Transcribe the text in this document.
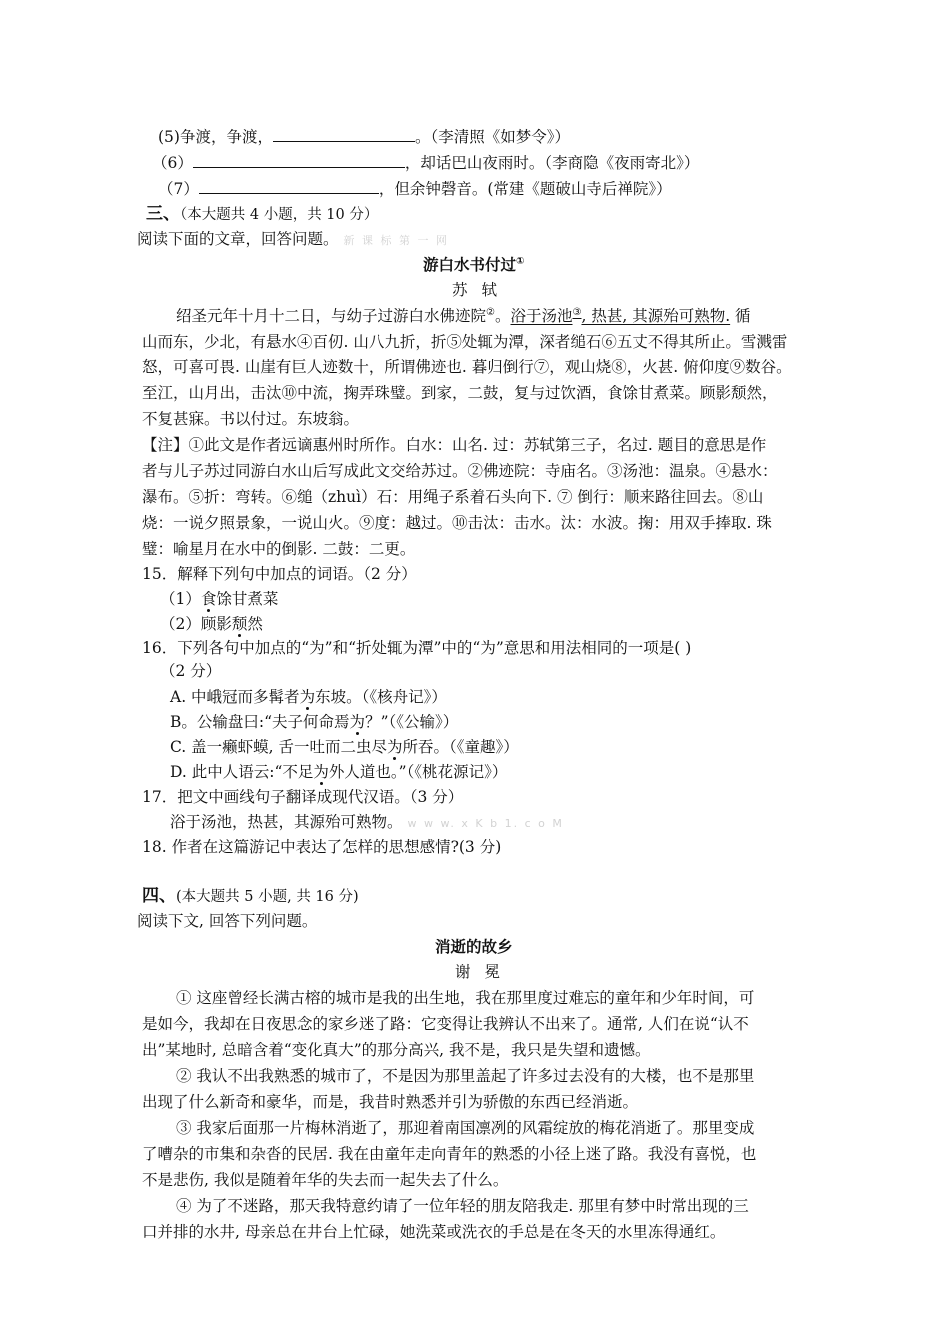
(5)争渡，争渡，	。（李清照《如梦令》）
（6）	，却话巴山夜雨时。（李商隐《夜雨寄北》）
（7）	，但余钟磬音。(常建《题破山寺后禅院》）
三、（本大题共 4 小题，共 10 分）
阅读下面的文章，回答问题。 新 课 标 第 一 网
游白水书付过①
苏轼
绍圣元年十月十二日，与幼子过游白水佛迹院②。浴于汤池③, 热甚, 其源殆可熟物. 循
山而东，少北，有悬水④百仞. 山八九折，折⑤处辄为潭，深者缒石⑥五丈不得其所止。雪溅雷
怒，可喜可畏. 山崖有巨人迹数十，所谓佛迹也. 暮归倒行⑦，观山烧⑧，火甚. 俯仰度⑨数谷。
至江，山月出，击汰⑩中流，掬弄珠璧。到家，二鼓，复与过饮酒，食馀甘煮菜。顾影颓然，
不复甚寐。书以付过。东坡翁。
【注】①此文是作者远谪惠州时所作。白水：山名. 过：苏轼第三子，名过. 题目的意思是作
者与儿子苏过同游白水山后写成此文交给苏过。②佛迹院：寺庙名。③汤池：温泉。④悬水：
瀑布。⑤折：弯转。⑥缒（zhuì）石：用绳子系着石头向下. ⑦ 倒行：顺来路往回去。⑧山
烧：一说夕照景象，一说山火。⑨度：越过。⑩击汰：击水。汰：水波。掬：用双手捧取. 珠
璧：喻星月在水中的倒影. 二鼓：二更。
15．解释下列句中加点的词语。（2 分）
（1）食馀甘煮菜
（2）顾影颓然
16．下列各句中加点的“为”和“折处辄为潭”中的“为”意思和用法相同的一项是( )
（2 分）
A. 中峨冠而多髯者为东坡。（《核舟记》）
B。公输盘曰:“夫子何命焉为？”（《公输》）
C. 盖一癞虾蟆, 舌一吐而二虫尽为所吞。（《童趣》）
D. 此中人语云:“不足为外人道也。”（《桃花源记》）
17．把文中画线句子翻译成现代汉语。（3 分）
浴于汤池，热甚，其源殆可熟物。 w w w. x K b 1. c o M
18. 作者在这篇游记中表达了怎样的思想感情?(3 分)
四、(本大题共 5 小题, 共 16 分)
阅读下文, 回答下列问题。
消逝的故乡
谢冕
① 这座曾经长满古榕的城市是我的出生地，我在那里度过难忘的童年和少年时间，可
是如今，我却在日夜思念的家乡迷了路：它变得让我辨认不出来了。通常, 人们在说“认不
出”某地时, 总暗含着“变化真大”的那分高兴, 我不是，我只是失望和遗憾。
② 我认不出我熟悉的城市了，不是因为那里盖起了许多过去没有的大楼，也不是那里
出现了什么新奇和豪华，而是，我昔时熟悉并引为骄傲的东西已经消逝。
③ 我家后面那一片梅林消逝了，那迎着南国凛冽的风霜绽放的梅花消逝了。那里变成
了嘈杂的市集和杂沓的民居. 我在由童年走向青年的熟悉的小径上迷了路。我没有喜悦，也
不是悲伤, 我似是随着年华的失去而一起失去了什么。
④ 为了不迷路，那天我特意约请了一位年轻的朋友陪我走. 那里有梦中时常出现的三
口并排的水井, 母亲总在井台上忙碌，她洗菜或洗衣的手总是在冬天的水里冻得通红。
